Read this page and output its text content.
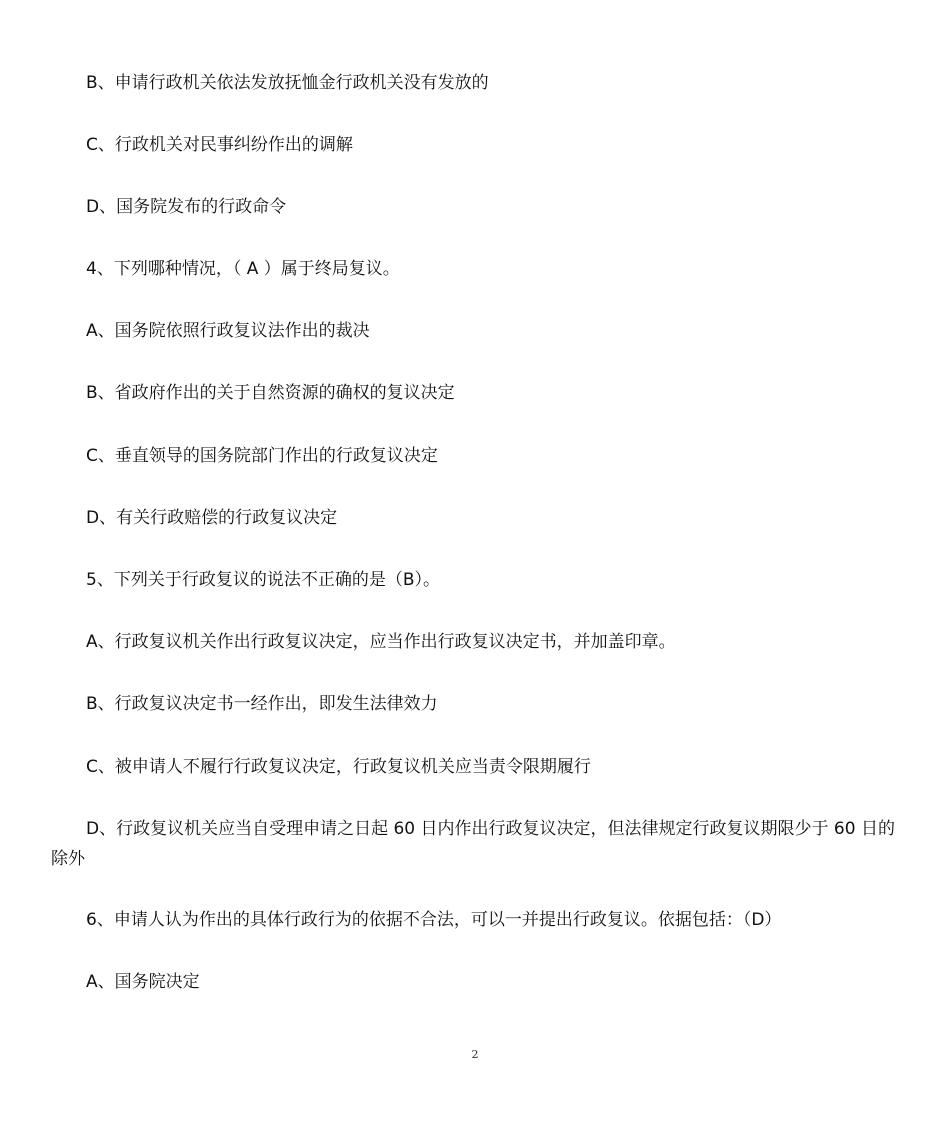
B、申请行政机关依法发放抚恤金行政机关没有发放的

C、行政机关对民事纠纷作出的调解

D、国务院发布的行政命令

4、下列哪种情况，（ A ）属于终局复议。

A、国务院依照行政复议法作出的裁决

B、省政府作出的关于自然资源的确权的复议决定

C、垂直领导的国务院部门作出的行政复议决定

D、有关行政赔偿的行政复议决定

5、下列关于行政复议的说法不正确的是（B）。

A、行政复议机关作出行政复议决定，应当作出行政复议决定书，并加盖印章。

B、行政复议决定书一经作出，即发生法律效力

C、被申请人不履行行政复议决定，行政复议机关应当责令限期履行

D、行政复议机关应当自受理申请之日起 60 日内作出行政复议决定，但法律规定行政复议期限少于 60 日的除外

6、申请人认为作出的具体行政行为的依据不合法，可以一并提出行政复议。依据包括：（D）

A、国务院决定

2
